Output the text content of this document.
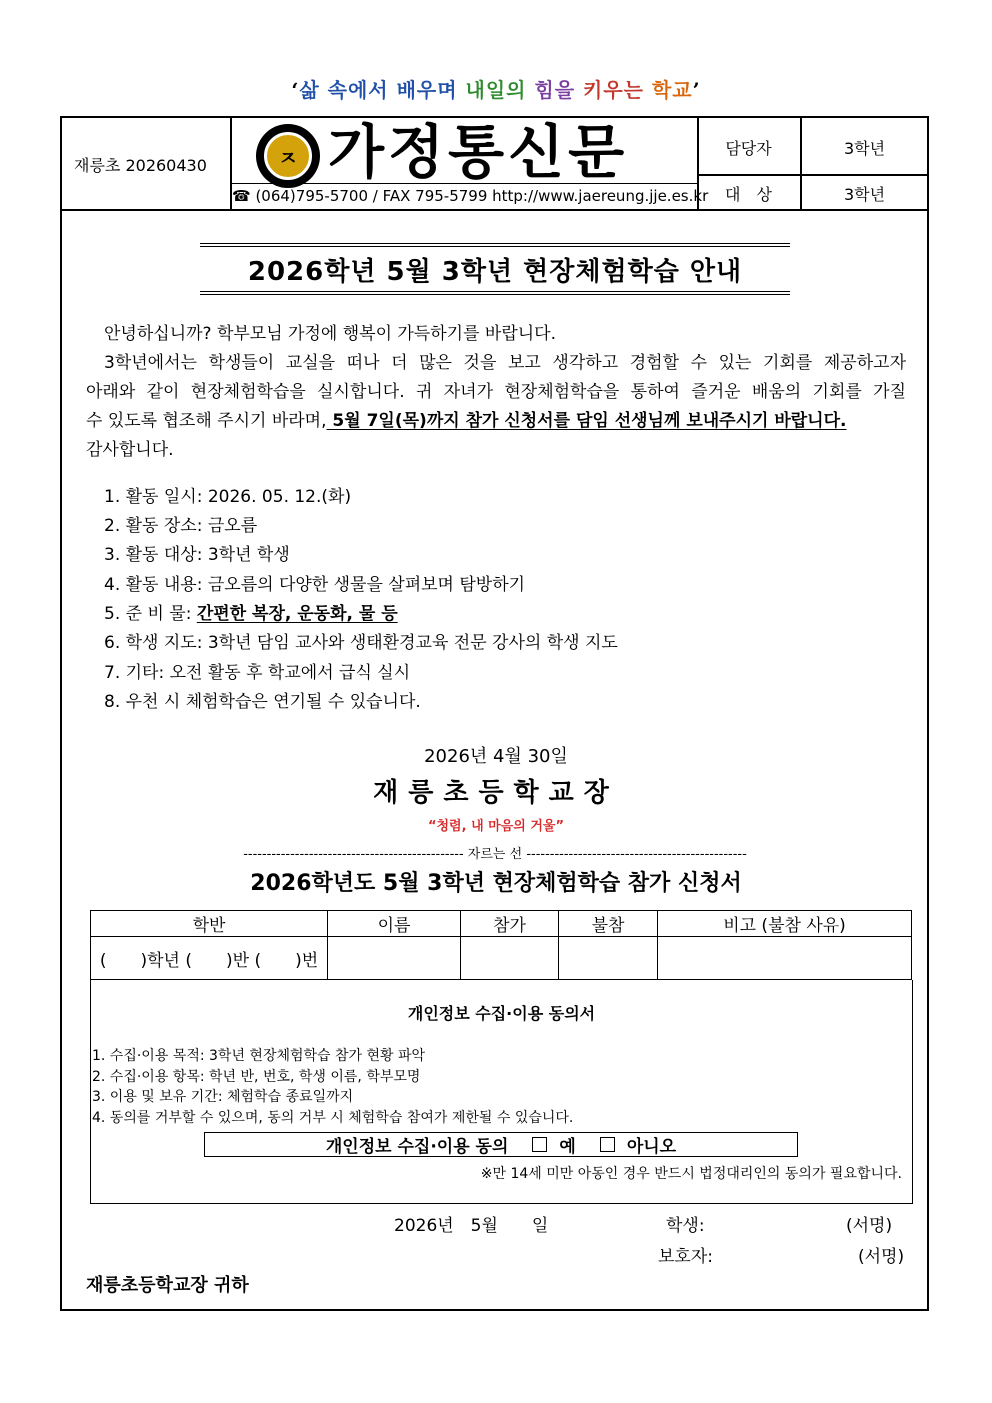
‘삶 속에서 배우며 내일의 힘을 키우는 학교’
재릉초 20260430	ㅈ 가정통신문
☎ (064)795-5700 / FAX 795-5799 http://www.jaereung.jje.es.kr
담당자	3학년
대　상	3학년
2026학년 5월 3학년 현장체험학습 안내
안녕하십니까? 학부모님 가정에 행복이 가득하기를 바랍니다.
3학년에서는 학생들이 교실을 떠나 더 많은 것을 보고 생각하고 경험할 수 있는 기회를 제공하고자
아래와 같이 현장체험학습을 실시합니다. 귀 자녀가 현장체험학습을 통하여 즐거운 배움의 기회를 가질
수 있도록 협조해 주시기 바라며, 5월 7일(목)까지 참가 신청서를 담임 선생님께 보내주시기 바랍니다.
감사합니다.
1. 활동 일시: 2026. 05. 12.(화)
2. 활동 장소: 금오름
3. 활동 대상: 3학년 학생
4. 활동 내용: 금오름의 다양한 생물을 살펴보며 탐방하기
5. 준 비 물: 간편한 복장, 운동화, 물 등
6. 학생 지도: 3학년 담임 교사와 생태환경교육 전문 강사의 학생 지도
7. 기타: 오전 활동 후 학교에서 급식 실시
8. 우천 시 체험학습은 연기될 수 있습니다.
2026년 4월 30일
재릉초등학교장
“청렴, 내 마음의 거울”
----------------------------------------------- 자르는 선 -----------------------------------------------
2026학년도 5월 3학년 현장체험학습 참가 신청서
학반	이름	참가	불참	비고 (불참 사유)
(　　)학년 (　　)반 (　　)번				
개인정보 수집·이용 동의서
1. 수집·이용 목적: 3학년 현장체험학습 참가 현황 파악
2. 수집·이용 항목: 학년 반, 번호, 학생 이름, 학부모명
3. 이용 및 보유 기간: 체험학습 종료일까지
4. 동의를 거부할 수 있으며, 동의 거부 시 체험학습 참여가 제한될 수 있습니다.
개인정보 수집·이용 동의	예	아니오
※만 14세 미만 아동인 경우 반드시 법정대리인의 동의가 필요합니다.
2026년　5월　　일	학생:	(서명)
보호자:	(서명)
재릉초등학교장 귀하
